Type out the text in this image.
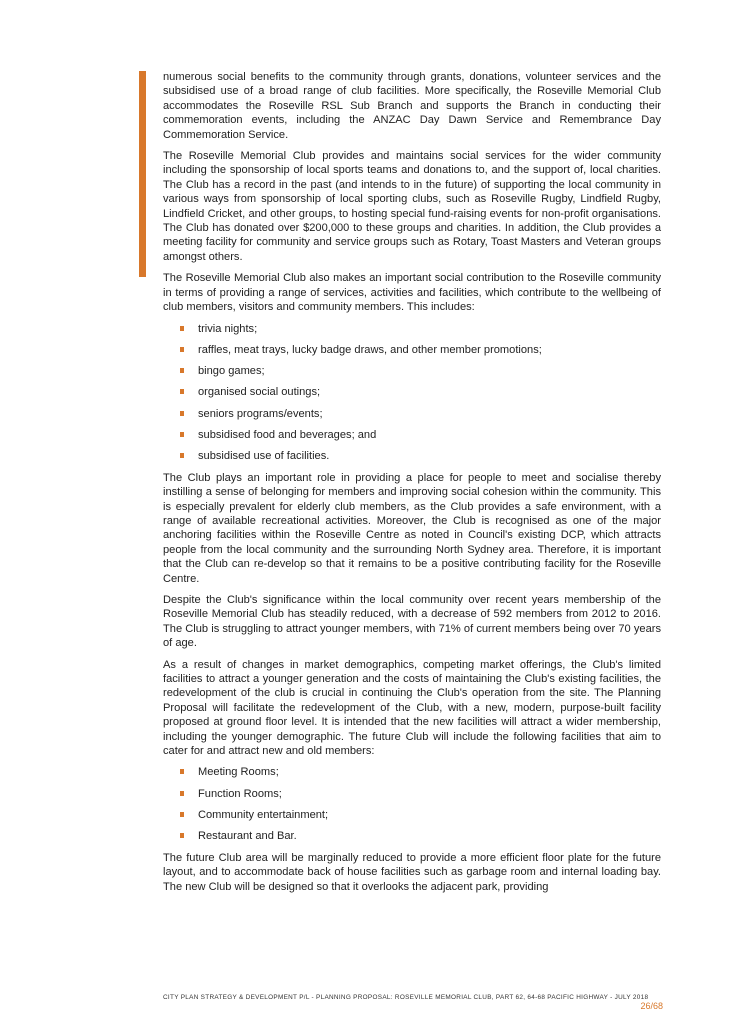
numerous social benefits to the community through grants, donations, volunteer services and the subsidised use of a broad range of club facilities. More specifically, the Roseville Memorial Club accommodates the Roseville RSL Sub Branch and supports the Branch in conducting their commemoration events, including the ANZAC Day Dawn Service and Remembrance Day Commemoration Service.

The Roseville Memorial Club provides and maintains social services for the wider community including the sponsorship of local sports teams and donations to, and the support of, local charities. The Club has a record in the past (and intends to in the future) of supporting the local community in various ways from sponsorship of local sporting clubs, such as Roseville Rugby, Lindfield Rugby, Lindfield Cricket, and other groups, to hosting special fund-raising events for non-profit organisations. The Club has donated over $200,000 to these groups and charities. In addition, the Club provides a meeting facility for community and service groups such as Rotary, Toast Masters and Veteran groups amongst others.

The Roseville Memorial Club also makes an important social contribution to the Roseville community in terms of providing a range of services, activities and facilities, which contribute to the wellbeing of club members, visitors and community members. This includes:

trivia nights;
raffles, meat trays, lucky badge draws, and other member promotions;
bingo games;
organised social outings;
seniors programs/events;
subsidised food and beverages; and
subsidised use of facilities.

The Club plays an important role in providing a place for people to meet and socialise thereby instilling a sense of belonging for members and improving social cohesion within the community. This is especially prevalent for elderly club members, as the Club provides a safe environment, with a range of available recreational activities. Moreover, the Club is recognised as one of the major anchoring facilities within the Roseville Centre as noted in Council's existing DCP, which attracts people from the local community and the surrounding North Sydney area. Therefore, it is important that the Club can re-develop so that it remains to be a positive contributing facility for the Roseville Centre.

Despite the Club's significance within the local community over recent years membership of the Roseville Memorial Club has steadily reduced, with a decrease of 592 members from 2012 to 2016. The Club is struggling to attract younger members, with 71% of current members being over 70 years of age.

As a result of changes in market demographics, competing market offerings, the Club's limited facilities to attract a younger generation and the costs of maintaining the Club's existing facilities, the redevelopment of the club is crucial in continuing the Club's operation from the site. The Planning Proposal will facilitate the redevelopment of the Club, with a new, modern, purpose-built facility proposed at ground floor level. It is intended that the new facilities will attract a wider membership, including the younger demographic. The future Club will include the following facilities that aim to cater for and attract new and old members:

Meeting Rooms;
Function Rooms;
Community entertainment;
Restaurant and Bar.

The future Club area will be marginally reduced to provide a more efficient floor plate for the future layout, and to accommodate back of house facilities such as garbage room and internal loading bay. The new Club will be designed so that it overlooks the adjacent park, providing

CITY PLAN STRATEGY & DEVELOPMENT P/L - PLANNING PROPOSAL: ROSEVILLE MEMORIAL CLUB, PART 62, 64-68 PACIFIC HIGHWAY - JULY 2018
26/68
